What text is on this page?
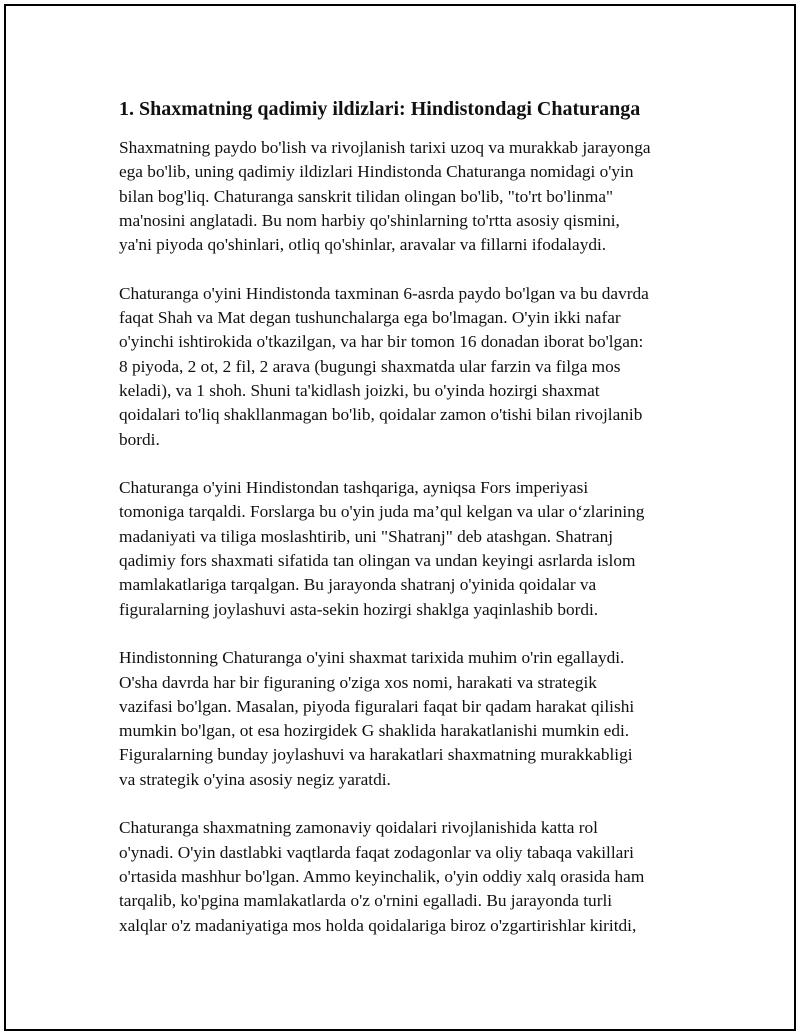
1. Shaxmatning qadimiy ildizlari: Hindistondagi Chaturanga

Shaxmatning paydo bo'lish va rivojlanish tarixi uzoq va murakkab jarayonga
ega bo'lib, uning qadimiy ildizlari Hindistonda Chaturanga nomidagi o'yin
bilan bog'liq. Chaturanga sanskrit tilidan olingan bo'lib, "to'rt bo'linma"
ma'nosini anglatadi. Bu nom harbiy qo'shinlarning to'rtta asosiy qismini,
ya'ni piyoda qo'shinlari, otliq qo'shinlar, aravalar va fillarni ifodalaydi.

Chaturanga o'yini Hindistonda taxminan 6-asrda paydo bo'lgan va bu davrda
faqat Shah va Mat degan tushunchalarga ega bo'lmagan. O'yin ikki nafar
o'yinchi ishtirokida o'tkazilgan, va har bir tomon 16 donadan iborat bo'lgan:
8 piyoda, 2 ot, 2 fil, 2 arava (bugungi shaxmatda ular farzin va filga mos
keladi), va 1 shoh. Shuni ta'kidlash joizki, bu o'yinda hozirgi shaxmat
qoidalari to'liq shakllanmagan bo'lib, qoidalar zamon o'tishi bilan rivojlanib
bordi.

Chaturanga o'yini Hindistondan tashqariga, ayniqsa Fors imperiyasi
tomoniga tarqaldi. Forslarga bu o'yin juda ma’qul kelgan va ular o‘zlarining
madaniyati va tiliga moslashtirib, uni "Shatranj" deb atashgan. Shatranj
qadimiy fors shaxmati sifatida tan olingan va undan keyingi asrlarda islom
mamlakatlariga tarqalgan. Bu jarayonda shatranj o'yinida qoidalar va
figuralarning joylashuvi asta-sekin hozirgi shaklga yaqinlashib bordi.

Hindistonning Chaturanga o'yini shaxmat tarixida muhim o'rin egallaydi.
O'sha davrda har bir figuraning o'ziga xos nomi, harakati va strategik
vazifasi bo'lgan. Masalan, piyoda figuralari faqat bir qadam harakat qilishi
mumkin bo'lgan, ot esa hozirgidek G shaklida harakatlanishi mumkin edi.
Figuralarning bunday joylashuvi va harakatlari shaxmatning murakkabligi
va strategik o'yina asosiy negiz yaratdi.

Chaturanga shaxmatning zamonaviy qoidalari rivojlanishida katta rol
o'ynadi. O'yin dastlabki vaqtlarda faqat zodagonlar va oliy tabaqa vakillari
o'rtasida mashhur bo'lgan. Ammo keyinchalik, o'yin oddiy xalq orasida ham
tarqalib, ko'pgina mamlakatlarda o'z o'rnini egalladi. Bu jarayonda turli
xalqlar o'z madaniyatiga mos holda qoidalariga biroz o'zgartirishlar kiritdi,
